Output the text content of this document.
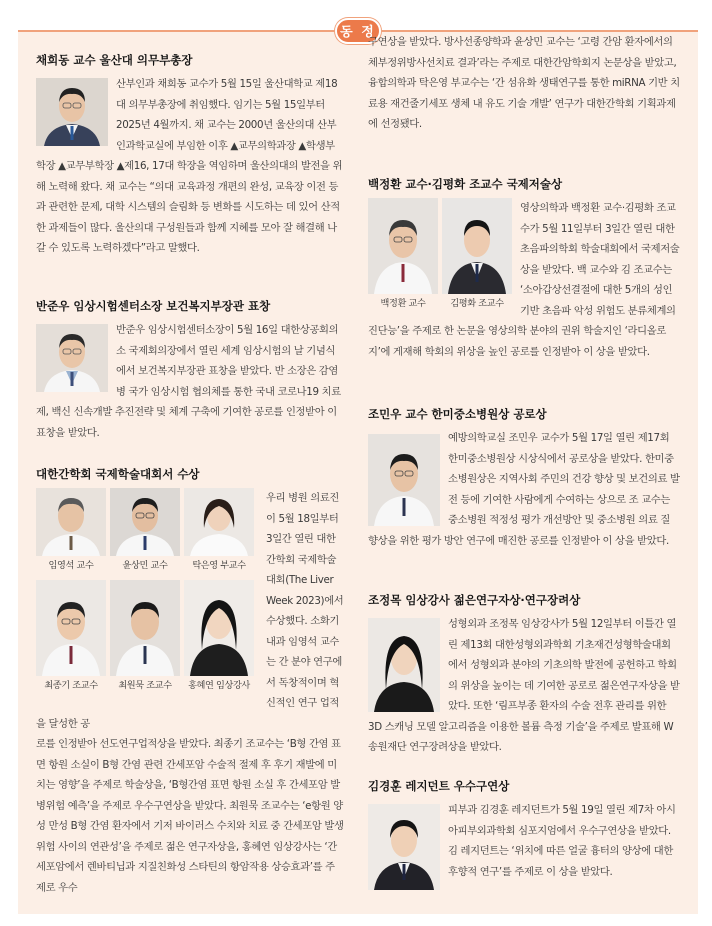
동 정
채희동 교수 울산대 의무부총장
산부인과 채희동 교수가 5월 15일 울산대학교 제18대 의무부총장에 취임했다. 임기는 5월 15일부터 2025년 4월까지. 채 교수는 2000년 울산의대 산부인과학교실에 부임한 이후 ▲교무의학과장 ▲학생부학장 ▲교무부학장 ▲제16, 17대 학장을 역임하며 울산의대의 발전을 위해 노력해 왔다. 채 교수는 “의대 교육과정 개편의 완성, 교육장 이전 등과 관련한 문제, 대학 시스템의 슬림화 등 변화를 시도하는 데 있어 산적한 과제들이 많다. 울산의대 구성원들과 함께 지혜를 모아 잘 해결해 나갈 수 있도록 노력하겠다”라고 말했다.
반준우 임상시험센터소장 보건복지부장관 표창
반준우 임상시험센터소장이 5월 16일 대한상공회의소 국제회의장에서 열린 세계 임상시험의 날 기념식에서 보건복지부장관 표창을 받았다. 반 소장은 감염병 국가 임상시험 협의체를 통한 국내 코로나19 치료제, 백신 신속개발 추진전략 및 체계 구축에 기여한 공로를 인정받아 이 표창을 받았다.
대한간학회 국제학술대회서 수상
임영석 교수	윤상민 교수	탁은영 부교수
최종기 조교수	최원묵 조교수	홍혜연 임상강사
우리 병원 의료진이 5월 18일부터 3일간 열린 대한간학회 국제학술대회(The Liver Week 2023)에서 수상했다. 소화기내과 임영석 교수는 간 분야 연구에서 독창적이며 혁신적인 연구 업적을 달성한 공
로를 인정받아 선도연구업적상을 받았다. 최종기 조교수는 ‘B형 간염 표면 항원 소실이 B형 간염 관련 간세포암 수술적 절제 후 후기 재발에 미치는 영향’을 주제로 학술상을, ‘B형간염 표면 항원 소실 후 간세포암 발병위험 예측’을 주제로 우수구연상을 받았다. 최원묵 조교수는 ‘e항원 양성 만성 B형 간염 환자에서 기저 바이러스 수치와 치료 중 간세포암 발생 위험 사이의 연관성’을 주제로 젊은 연구자상을, 홍혜연 임상강사는 ‘간세포암에서 렌바티닙과 지질친화성 스타틴의 항암작용 상승효과’를 주제로 우수
구연상을 받았다. 방사선종양학과 윤상민 교수는 ‘고령 간암 환자에서의 체부정위방사선치료 결과’라는 주제로 대한간암학회지 논문상을 받았고, 융합의학과 탁은영 부교수는 ‘간 섬유화 생태연구를 통한 miRNA 기반 치료용 재건줄기세포 생체 내 유도 기술 개발’ 연구가 대한간학회 기획과제에 선정됐다.
백정환 교수·김평화 조교수 국제저술상
백정환 교수	김평화 조교수
영상의학과 백정환 교수·김평화 조교수가 5월 11일부터 3일간 열린 대한초음파의학회 학술대회에서 국제저술상을 받았다. 백 교수와 김 조교수는 ‘소아갑상선결절에 대한 5개의 성인기반 초음파 악성 위험도 분류체계의 진단능’을 주제로 한 논문을 영상의학 분야의 권위 학술지인 ‘라디올로지’에 게재해 학회의 위상을 높인 공로를 인정받아 이 상을 받았다.
조민우 교수 한미중소병원상 공로상
예방의학교실 조민우 교수가 5월 17일 열린 제17회 한미중소병원상 시상식에서 공로상을 받았다. 한미중소병원상은 지역사회 주민의 건강 향상 및 보건의료 발전 등에 기여한 사람에게 수여하는 상으로 조 교수는 중소병원 적정성 평가 개선방안 및 중소병원 의료 질 향상을 위한 평가 방안 연구에 매진한 공로를 인정받아 이 상을 받았다.
조정목 임상강사 젊은연구자상·연구장려상
성형외과 조정목 임상강사가 5월 12일부터 이틀간 열린 제13회 대한성형외과학회 기초재건성형학술대회에서 성형외과 분야의 기초의학 발전에 공헌하고 학회의 위상을 높이는 데 기여한 공로로 젊은연구자상을 받았다. 또한 ‘림프부종 환자의 수술 전후 관리를 위한 3D 스캐닝 모델 알고리즘을 이용한 볼륨 측정 기술’을 주제로 발표해 W송원재단 연구장려상을 받았다.
김경훈 레지던트 우수구연상
피부과 김경훈 레지던트가 5월 19일 열린 제7차 아시아피부외과학회 심포지엄에서 우수구연상을 받았다. 김 레지던트는 ‘위치에 따른 얼굴 흉터의 양상에 대한 후향적 연구’를 주제로 이 상을 받았다.
